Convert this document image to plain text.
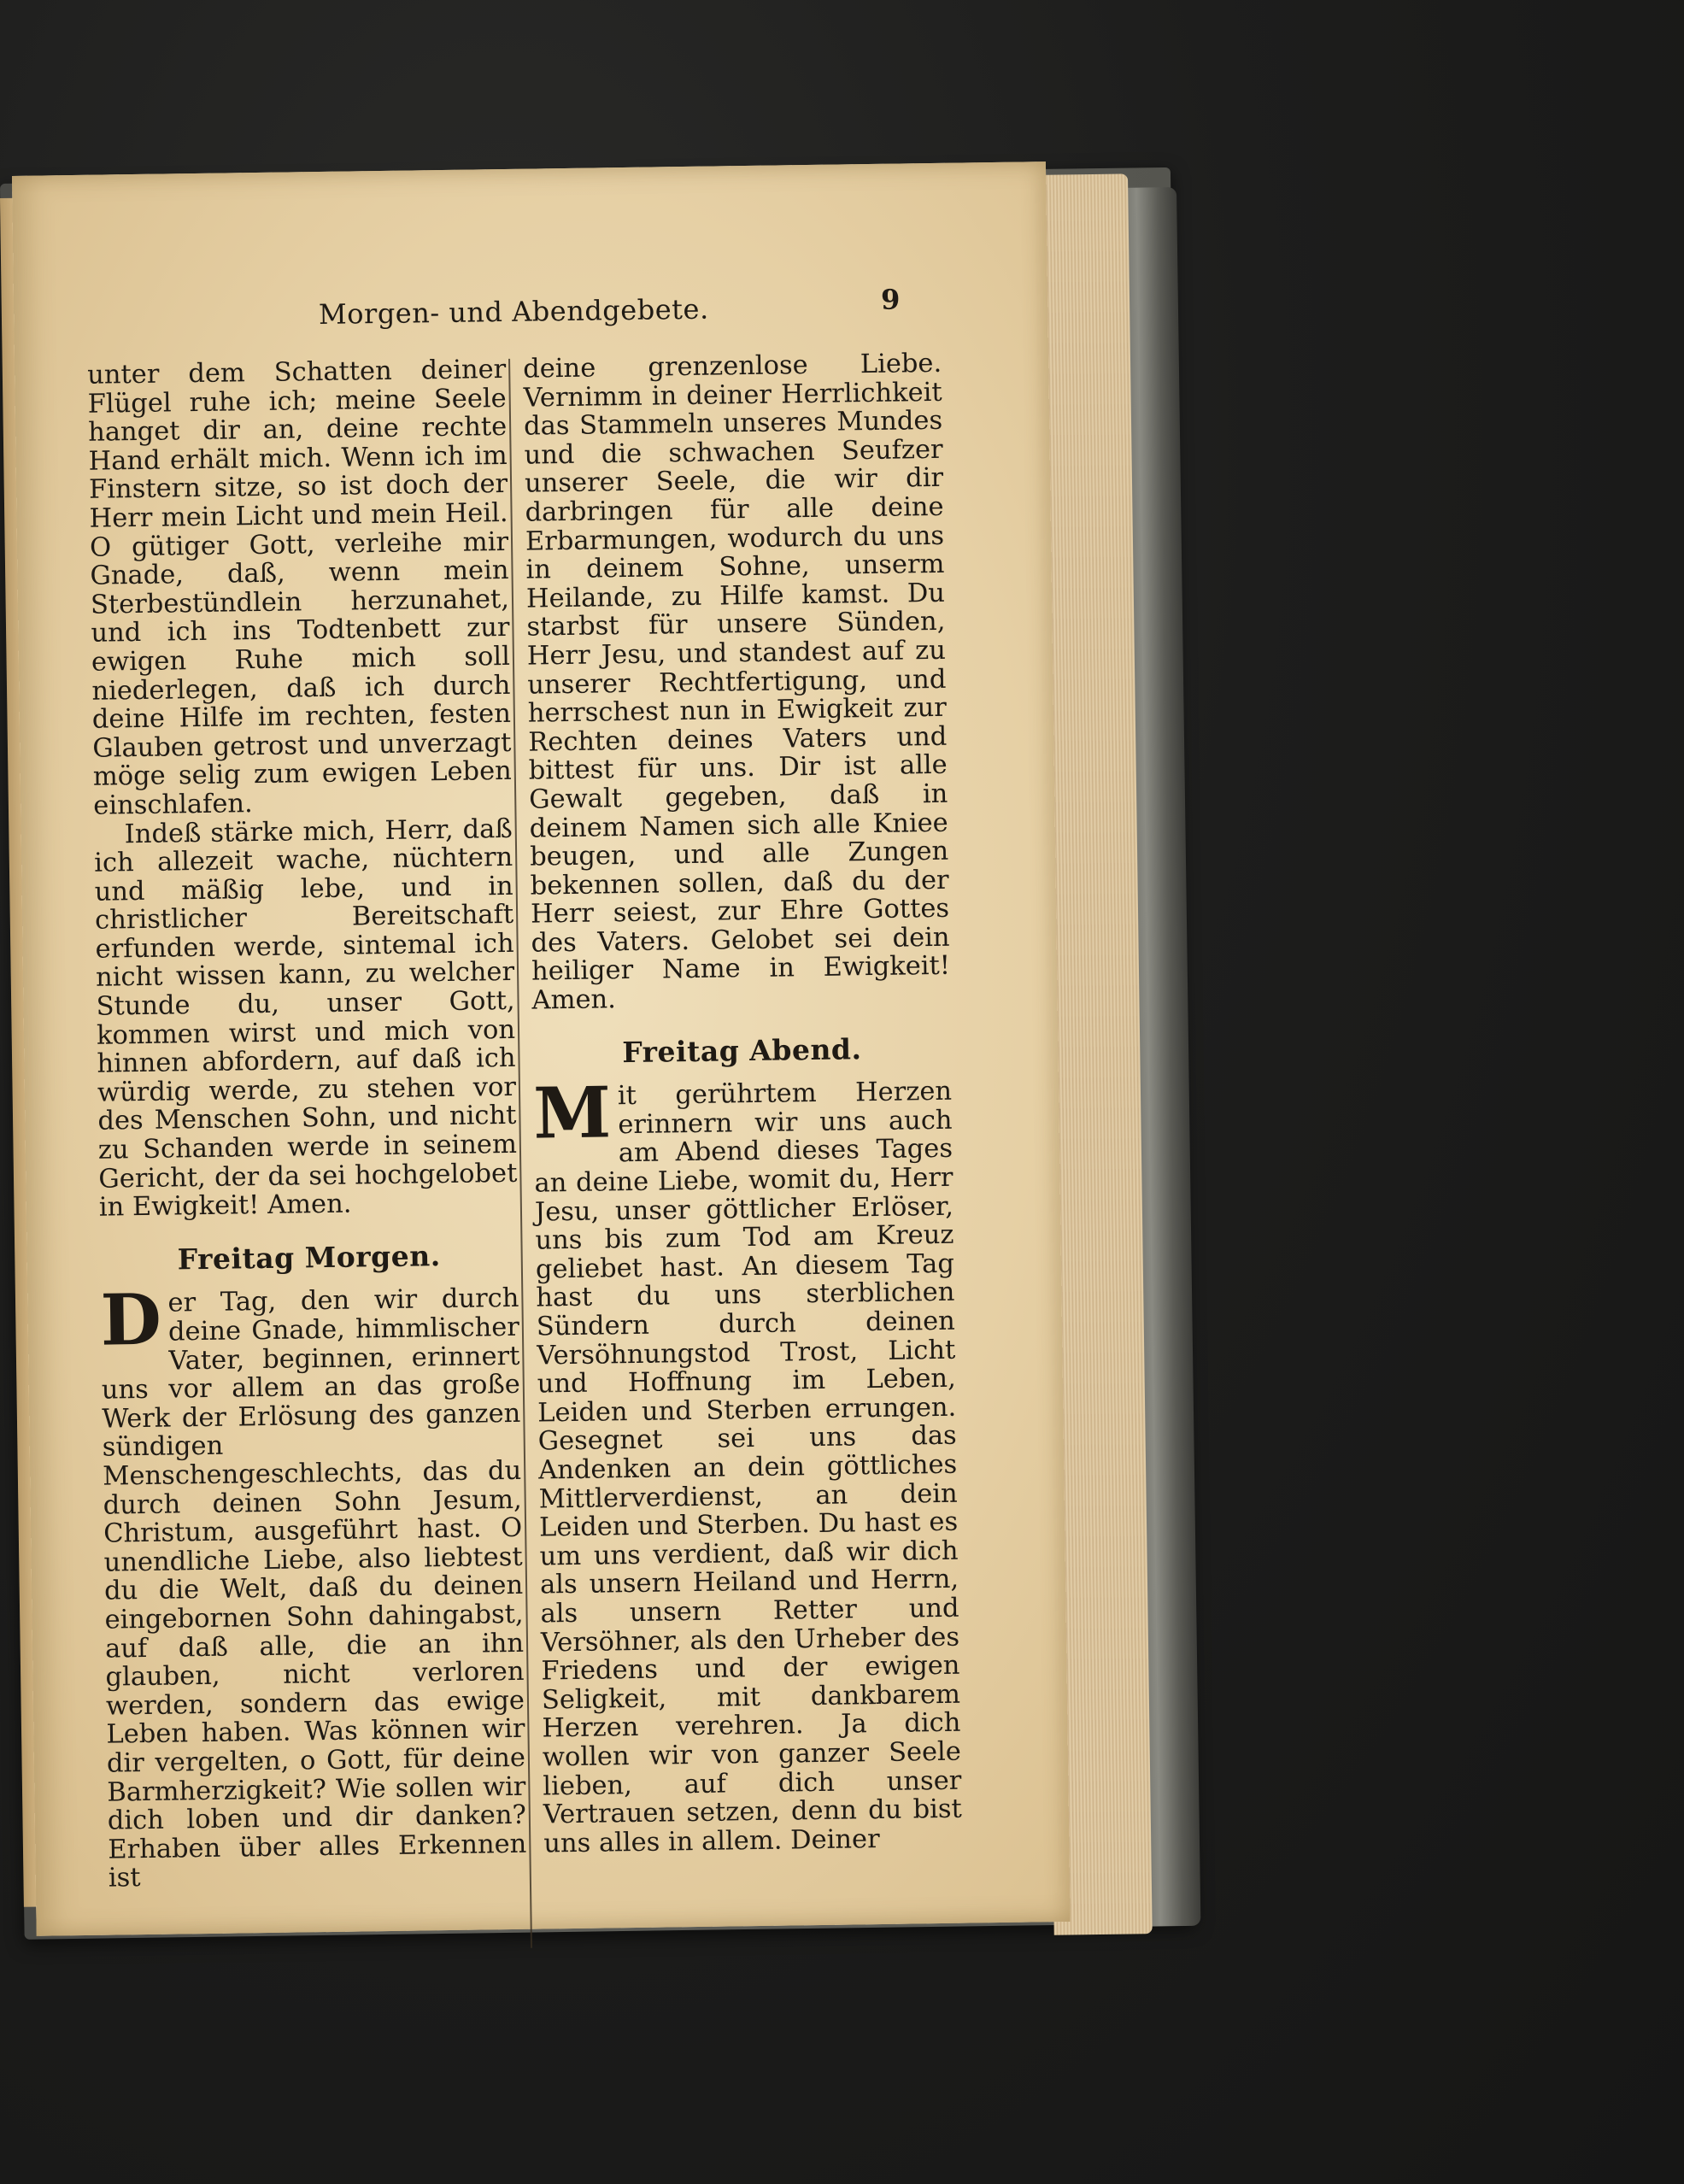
Morgen- und Abendgebete.	9

unter dem Schatten deiner Flügel ruhe ich; meine Seele hanget dir an, deine rechte Hand erhält mich. Wenn ich im Finstern sitze, so ist doch der Herr mein Licht und mein Heil. O gütiger Gott, verleihe mir Gnade, daß, wenn mein Sterbestündlein herzunahet, und ich ins Todtenbett zur ewigen Ruhe mich soll niederlegen, daß ich durch deine Hilfe im rechten, festen Glauben getrost und unverzagt möge selig zum ewigen Leben einschlafen.

Indeß stärke mich, Herr, daß ich allezeit wache, nüchtern und mäßig lebe, und in christlicher Bereitschaft erfunden werde, sintemal ich nicht wissen kann, zu welcher Stunde du, unser Gott, kommen wirst und mich von hinnen abfordern, auf daß ich würdig werde, zu stehen vor des Menschen Sohn, und nicht zu Schanden werde in seinem Gericht, der da sei hochgelobet in Ewigkeit! Amen.

Freitag Morgen.

Der Tag, den wir durch deine Gnade, himmlischer Vater, beginnen, erinnert uns vor allem an das große Werk der Erlösung des ganzen sündigen Menschengeschlechts, das du durch deinen Sohn Jesum, Christum, ausgeführt hast. O unendliche Liebe, also liebtest du die Welt, daß du deinen eingebornen Sohn dahingabst, auf daß alle, die an ihn glauben, nicht verloren werden, sondern das ewige Leben haben. Was können wir dir vergelten, o Gott, für deine Barmherzigkeit? Wie sollen wir dich loben und dir danken? Erhaben über alles Erkennen ist

deine grenzenlose Liebe. Vernimm in deiner Herrlichkeit das Stammeln unseres Mundes und die schwachen Seufzer unserer Seele, die wir dir darbringen für alle deine Erbarmungen, wodurch du uns in deinem Sohne, unserm Heilande, zu Hilfe kamst. Du starbst für unsere Sünden, Herr Jesu, und standest auf zu unserer Rechtfertigung, und herrschest nun in Ewigkeit zur Rechten deines Vaters und bittest für uns. Dir ist alle Gewalt gegeben, daß in deinem Namen sich alle Kniee beugen, und alle Zungen bekennen sollen, daß du der Herr seiest, zur Ehre Gottes des Vaters. Gelobet sei dein heiliger Name in Ewigkeit! Amen.

Freitag Abend.

Mit gerührtem Herzen erinnern wir uns auch am Abend dieses Tages an deine Liebe, womit du, Herr Jesu, unser göttlicher Erlöser, uns bis zum Tod am Kreuz geliebet hast. An diesem Tag hast du uns sterblichen Sündern durch deinen Versöhnungstod Trost, Licht und Hoffnung im Leben, Leiden und Sterben errungen. Gesegnet sei uns das Andenken an dein göttliches Mittlerverdienst, an dein Leiden und Sterben. Du hast es um uns verdient, daß wir dich als unsern Heiland und Herrn, als unsern Retter und Versöhner, als den Urheber des Friedens und der ewigen Seligkeit, mit dankbarem Herzen verehren. Ja dich wollen wir von ganzer Seele lieben, auf dich unser Vertrauen setzen, denn du bist uns alles in allem. Deiner
